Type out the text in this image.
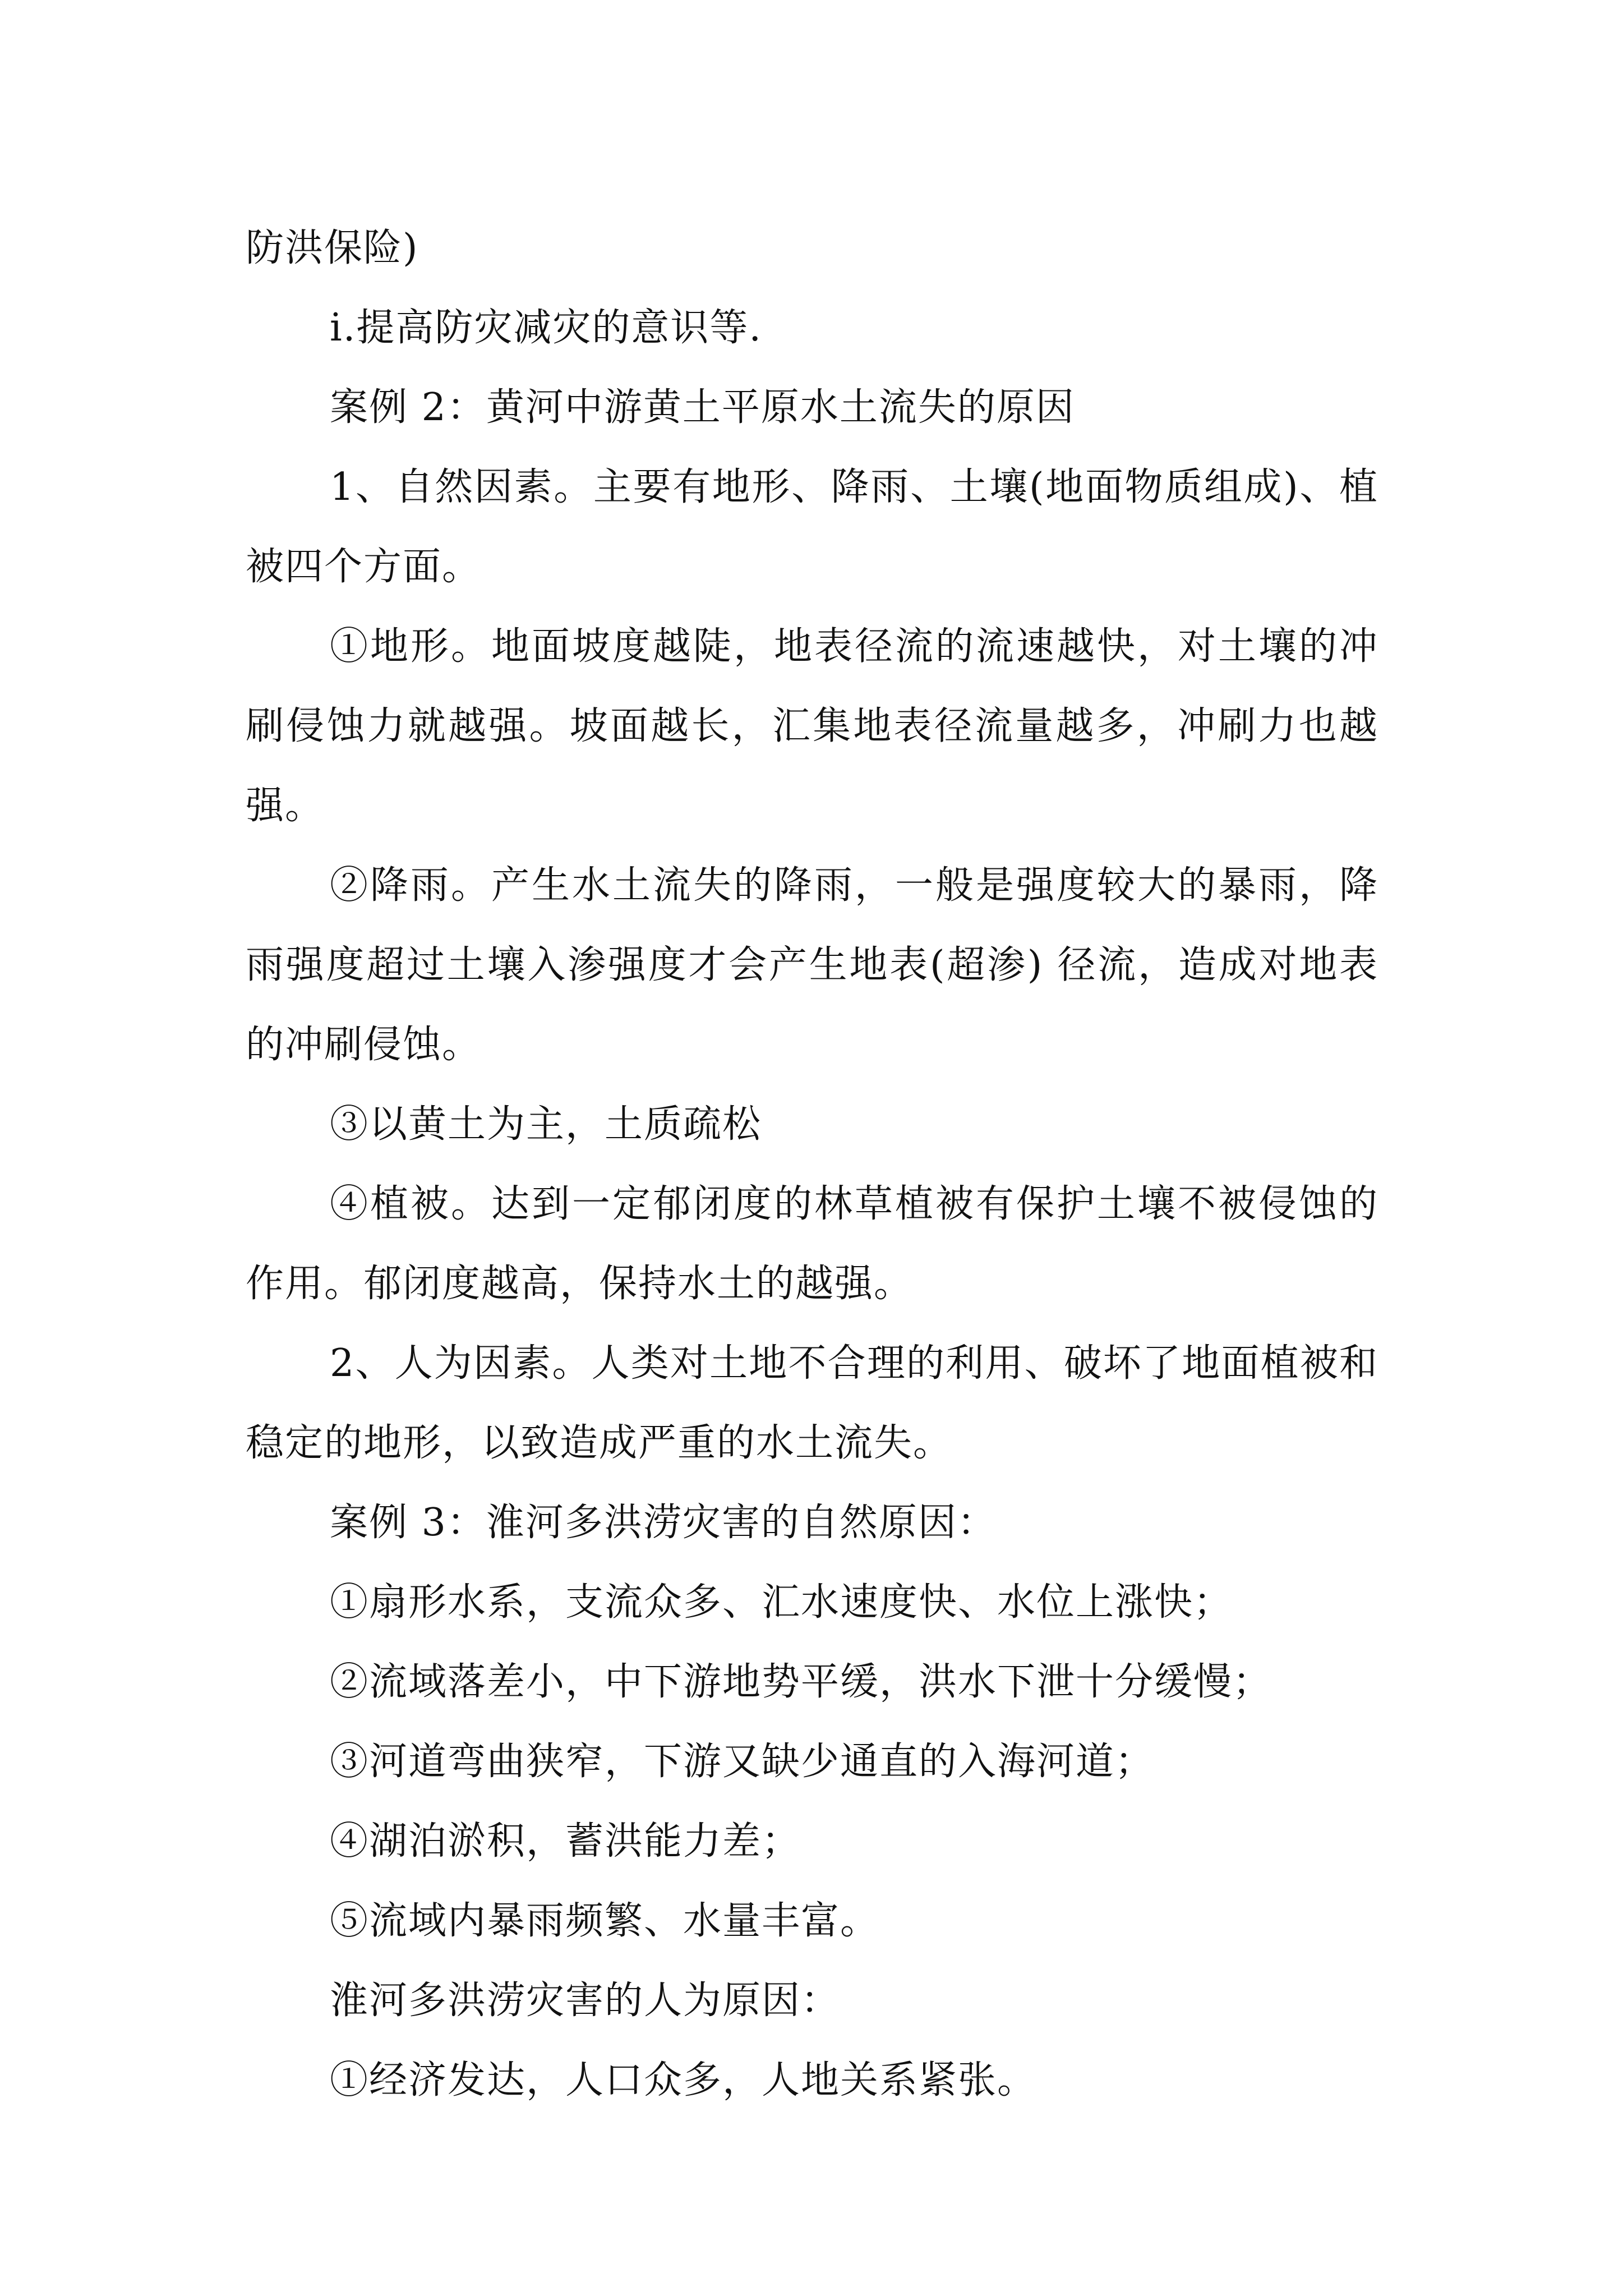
防洪保险)

i.提高防灾减灾的意识等.

案例 2：黄河中游黄土平原水土流失的原因

1、自然因素。主要有地形、降雨、土壤(地面物质组成)、植被四个方面。

①地形。地面坡度越陡，地表径流的流速越快，对土壤的冲刷侵蚀力就越强。坡面越长，汇集地表径流量越多，冲刷力也越强。

②降雨。产生水土流失的降雨，一般是强度较大的暴雨，降雨强度超过土壤入渗强度才会产生地表(超渗) 径流，造成对地表的冲刷侵蚀。

③以黄土为主，土质疏松

④植被。达到一定郁闭度的林草植被有保护土壤不被侵蚀的作用。郁闭度越高，保持水土的越强。

2、人为因素。人类对土地不合理的利用、破坏了地面植被和稳定的地形，以致造成严重的水土流失。

案例 3：淮河多洪涝灾害的自然原因：

①扇形水系，支流众多、汇水速度快、水位上涨快；

②流域落差小，中下游地势平缓，洪水下泄十分缓慢；

③河道弯曲狭窄，下游又缺少通直的入海河道；

④湖泊淤积，蓄洪能力差；

⑤流域内暴雨频繁、水量丰富。

淮河多洪涝灾害的人为原因：

①经济发达，人口众多，人地关系紧张。
